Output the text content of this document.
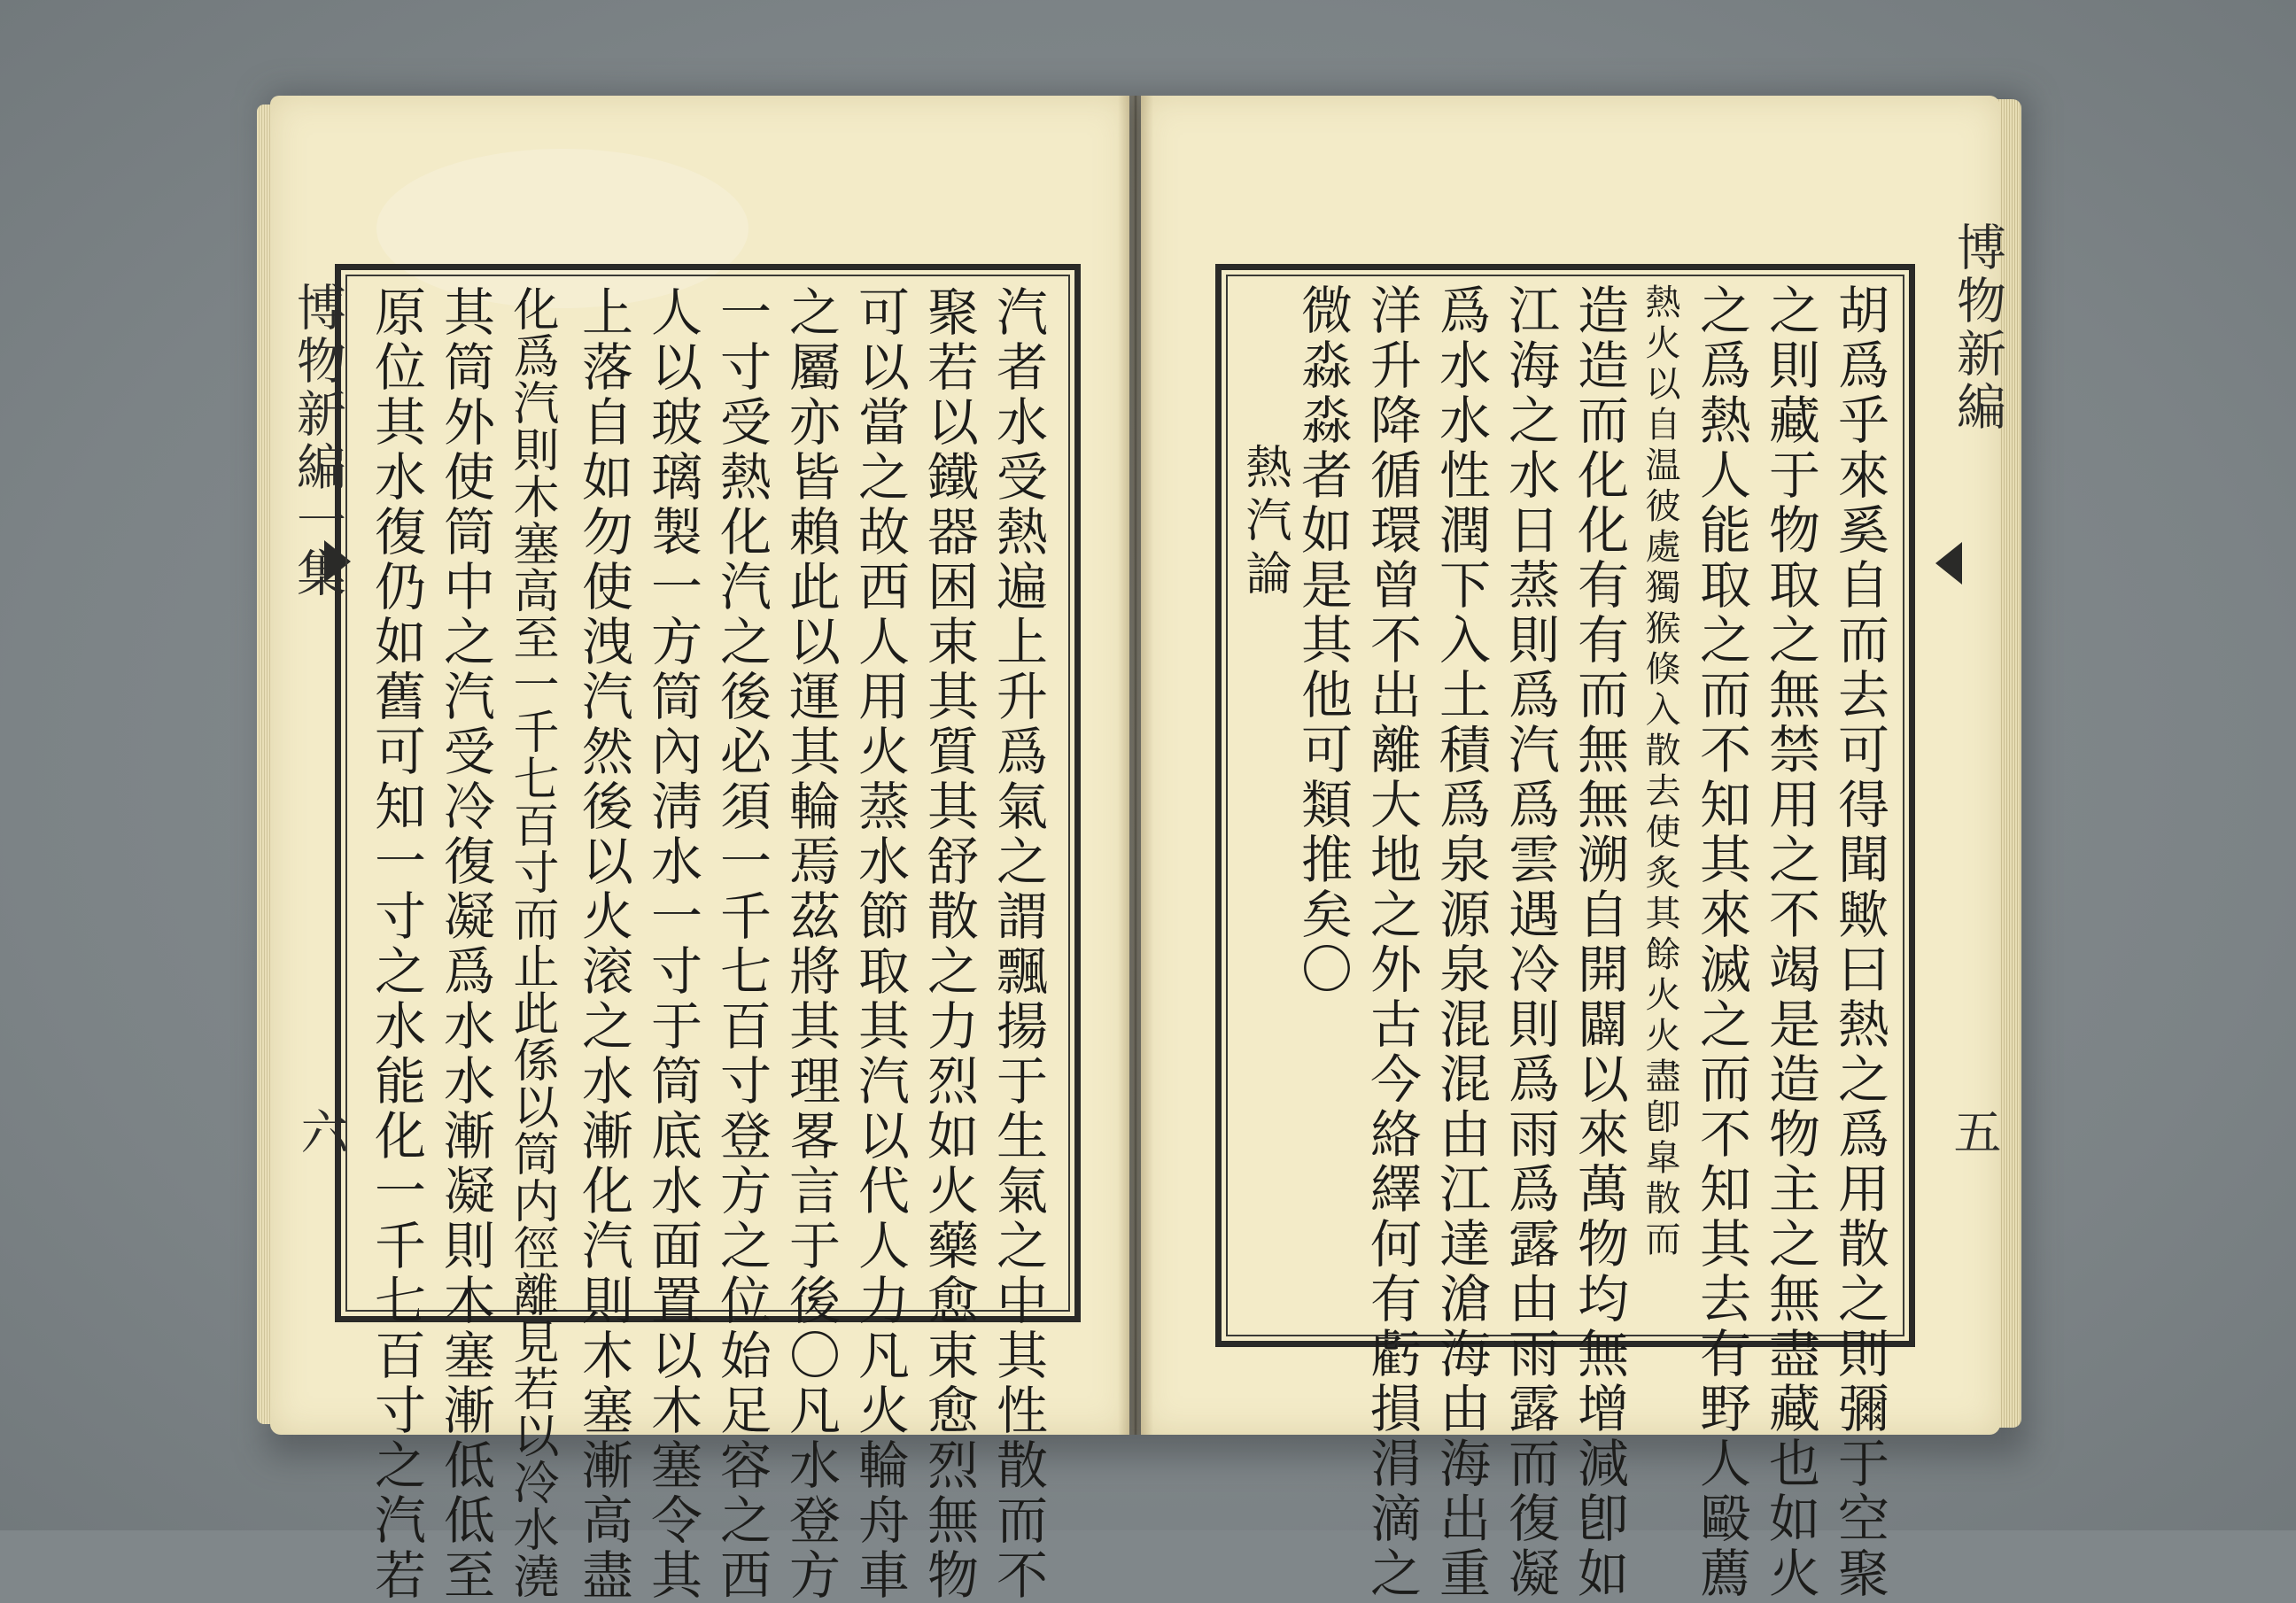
博物新編一集
六	汽者水受熱遍上升爲氣之謂飄揚于生氣之中其性散而不
聚若以鐵器困束其質其舒散之力烈如火藥愈束愈烈無物
可以當之故西人用火蒸水節取其汽以代人力凡火輪舟車
之屬亦皆賴此以運其輪焉茲將其理畧言于後〇凡水登方
一寸受熱化汽之後必須一千七百寸登方之位始足容之西
人以玻璃製一方筒內淸水一寸于筒底水面置以木塞令其
上落自如勿使洩汽然後以火滚之水漸化汽則木塞漸高盡
化爲汽則木塞高至一千七百寸而止此係以筒内徑離見若以冷水澆
其筒外使筒中之汽受冷復凝爲水水漸凝則木塞漸低低至
原位其水復仍如舊可知一寸之水能化一千七百寸之汽若	博物新編
五
胡爲乎來奚自而去可得聞歟曰熱之爲用散之則彌于空聚
之則藏于物取之無禁用之不竭是造物主之無盡藏也如火
之爲熱人能取之而不知其來滅之而不知其去有野人毆薦
熱火以自温彼處獨猴倏入散去使炙其餘火火盡卽皐散而
造造而化化有有而無無溯自開闢以來萬物均無增減卽如
江海之水日蒸則爲汽爲雲遇冷則爲雨爲露由雨露而復凝
爲水水性潤下入土積爲泉源泉混混由江達滄海由海出重
洋升降循環曾不出離大地之外古今絡繹何有虧損涓滴之
微淼淼者如是其他可類推矣〇
熱汽論
